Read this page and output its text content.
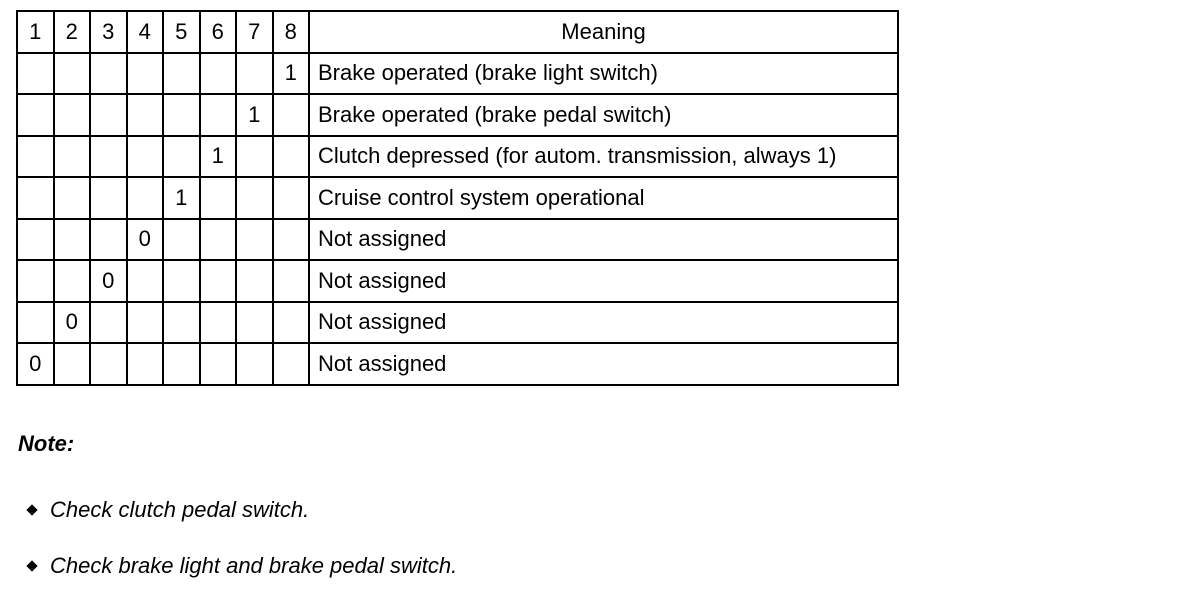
1	2	3	4	5	6	7	8	Meaning
							1	Brake operated (brake light switch)
						1		Brake operated (brake pedal switch)
					1			Clutch depressed (for autom. transmission, always 1)
				1				Cruise control system operational
			0					Not assigned
		0						Not assigned
	0							Not assigned
0								Not assigned
Note:
Check clutch pedal switch.
Check brake light and brake pedal switch.
